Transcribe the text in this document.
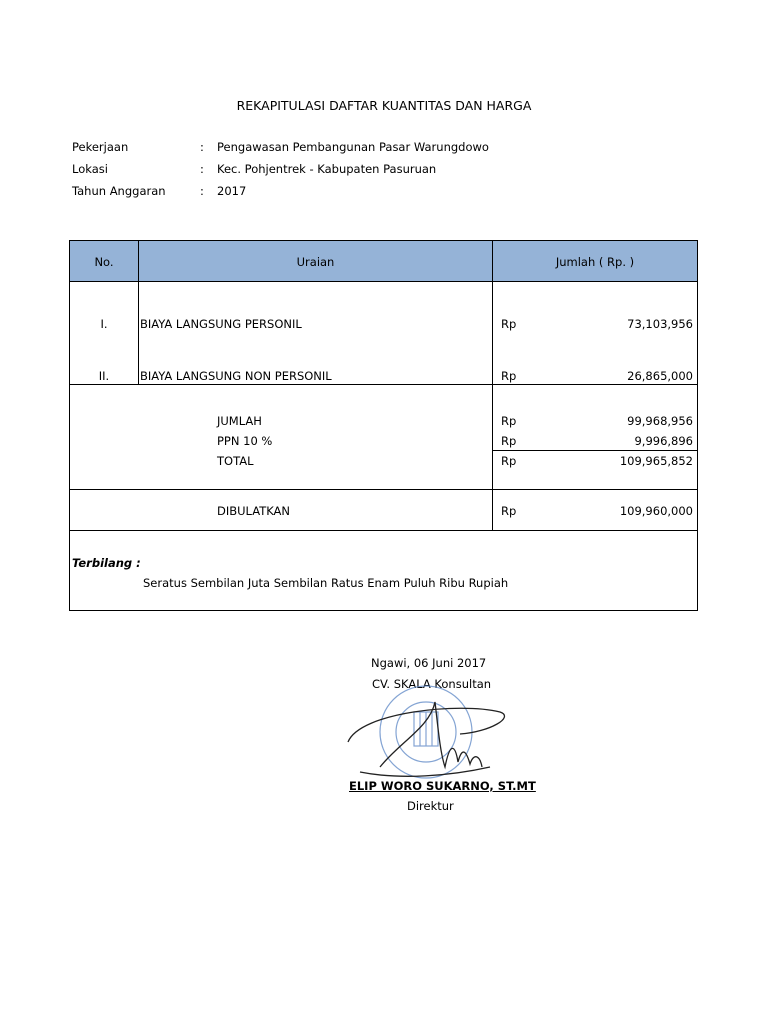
REKAPITULASI DAFTAR KUANTITAS DAN HARGA
Pekerjaan	: Pengawasan Pembangunan Pasar Warungdowo
Lokasi	: Kec. Pohjentrek - Kabupaten Pasuruan
Tahun Anggaran	: 2017
No.	Uraian	Jumlah ( Rp. )
I.	BIAYA LANGSUNG PERSONIL	Rp	73,103,956
II.	BIAYA LANGSUNG NON PERSONIL	Rp	26,865,000
JUMLAH	Rp	99,968,956
PPN 10 %	Rp	9,996,896
TOTAL	Rp	109,965,852
DIBULATKAN	Rp	109,960,000
Terbilang :
Seratus Sembilan Juta Sembilan Ratus Enam Puluh Ribu Rupiah
Ngawi, 06 Juni 2017
CV. SKALA Konsultan
ELIP WORO SUKARNO, ST.MT
Direktur
